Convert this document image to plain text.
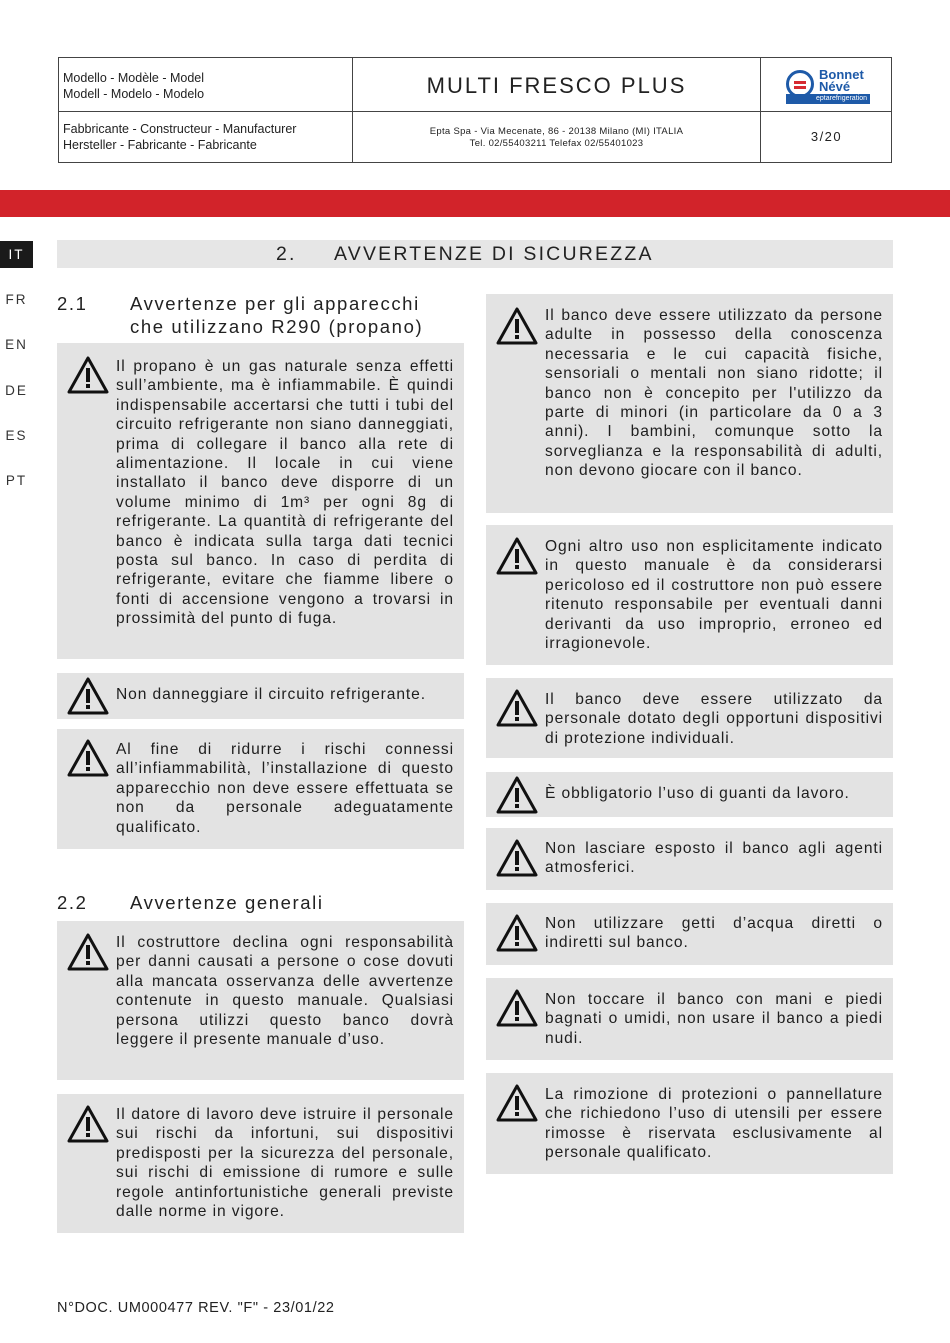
Modello - Modèle - Model
Modell - Modelo - Modelo	MULTI FRESCO PLUS	Bonnet
Névé
eptarefrigeration
Fabbricante - Constructeur - Manufacturer
Hersteller - Fabricante - Fabricante
Epta Spa - Via Mecenate, 86 - 20138 Milano (MI) ITALIA
Tel. 02/55403211 Telefax 02/55401023	3/20
IT
FR
EN
DE
ES
PT
2. AVVERTENZE DI SICUREZZA
2.1 Avvertenze per gli apparecchi
che utilizzano R290 (propano)
2.2 Avvertenze generali
Il propano è un gas naturale senza effetti sull’ambiente, ma è infiammabile. È quindi indispensabile accertarsi che tutti i tubi del circuito refrigerante non siano danneggiati, prima di collegare il banco alla rete di alimentazione. Il locale in cui viene installato il banco deve disporre di un volume minimo di 1m³ per ogni 8g di refrigerante. La quantità di refrigerante del banco è indicata sulla targa dati tecnici posta sul banco. In caso di perdita di refrigerante, evitare che fiamme libere o fonti di accensione vengono a trovarsi in prossimità del punto di fuga.
Non danneggiare il circuito refrigerante.
Al fine di ridurre i rischi connessi all’infiammabilità, l’installazione di questo apparecchio non deve essere effettuata se non da personale adeguatamente qualificato.
Il costruttore declina ogni responsabilità per danni causati a persone o cose dovuti alla mancata osservanza delle avvertenze contenute in questo manuale. Qualsiasi persona utilizzi questo banco dovrà leggere il presente manuale d’uso.
Il datore di lavoro deve istruire il personale sui rischi da infortuni, sui dispositivi predisposti per la sicurezza del personale, sui rischi di emissione di rumore e sulle regole antinfortunistiche generali previste dalle norme in vigore.
Il banco deve essere utilizzato da persone adulte in possesso della conoscenza necessaria e le cui capacità fisiche, sensoriali o mentali non siano ridotte; il banco non è concepito per l'utilizzo da parte di minori (in particolare da 0 a 3 anni). I bambini, comunque sotto la sorveglianza e la responsabilità di adulti, non devono giocare con il banco.
Ogni altro uso non esplicitamente indicato in questo manuale è da considerarsi pericoloso ed il costruttore non può essere ritenuto responsabile per eventuali danni derivanti da uso improprio, erroneo ed irragionevole.
Il banco deve essere utilizzato da personale dotato degli opportuni dispositivi di protezione individuali.
È obbligatorio l’uso di guanti da lavoro.
Non lasciare esposto il banco agli agenti atmosferici.
Non utilizzare getti d’acqua diretti o indiretti sul banco.
Non toccare il banco con mani e piedi bagnati o umidi, non usare il banco a piedi nudi.
La rimozione di protezioni o pannellature che richiedono l’uso di utensili per essere rimosse è riservata esclusivamente al personale qualificato.
N°DOC. UM000477 REV. "F" - 23/01/22
